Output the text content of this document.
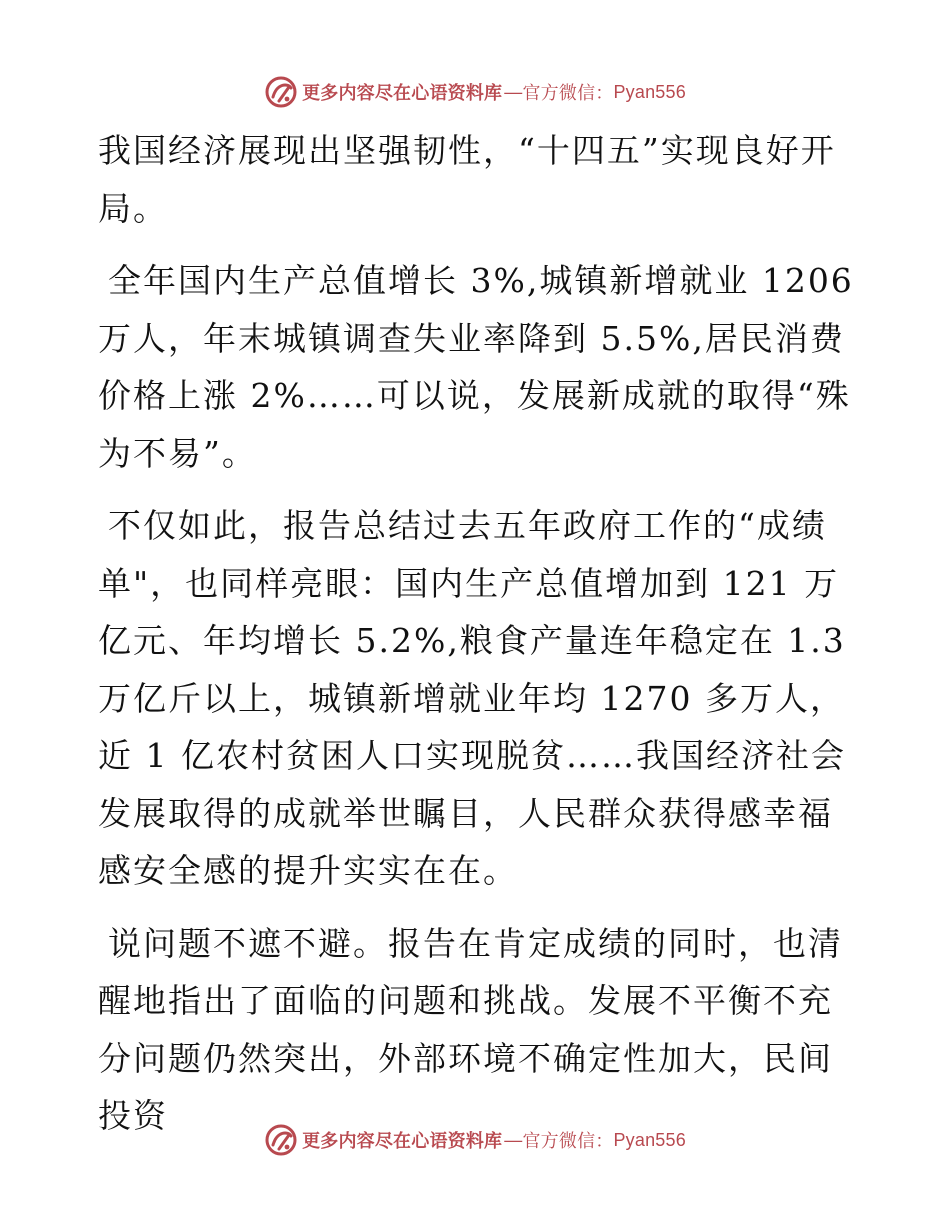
更多内容尽在心语资料库 — 官方微信： Pyan556

我国经济展现出坚强韧性，“十四五”实现良好开局。

全年国内生产总值增长 3%,城镇新增就业 1206 万人，年末城镇调查失业率降到 5.5%,居民消费价格上涨 2%……可以说，发展新成就的取得“殊为不易”。

不仅如此，报告总结过去五年政府工作的“成绩单"，也同样亮眼：国内生产总值增加到 121 万亿元、年均增长 5.2%,粮食产量连年稳定在 1.3 万亿斤以上，城镇新增就业年均 1270 多万人，近 1 亿农村贫困人口实现脱贫……我国经济社会发展取得的成就举世瞩目，人民群众获得感幸福感安全感的提升实实在在。

说问题不遮不避。报告在肯定成绩的同时，也清醒地指出了面临的问题和挑战。发展不平衡不充分问题仍然突出，外部环境不确定性加大，民间投资

更多内容尽在心语资料库 — 官方微信： Pyan556
